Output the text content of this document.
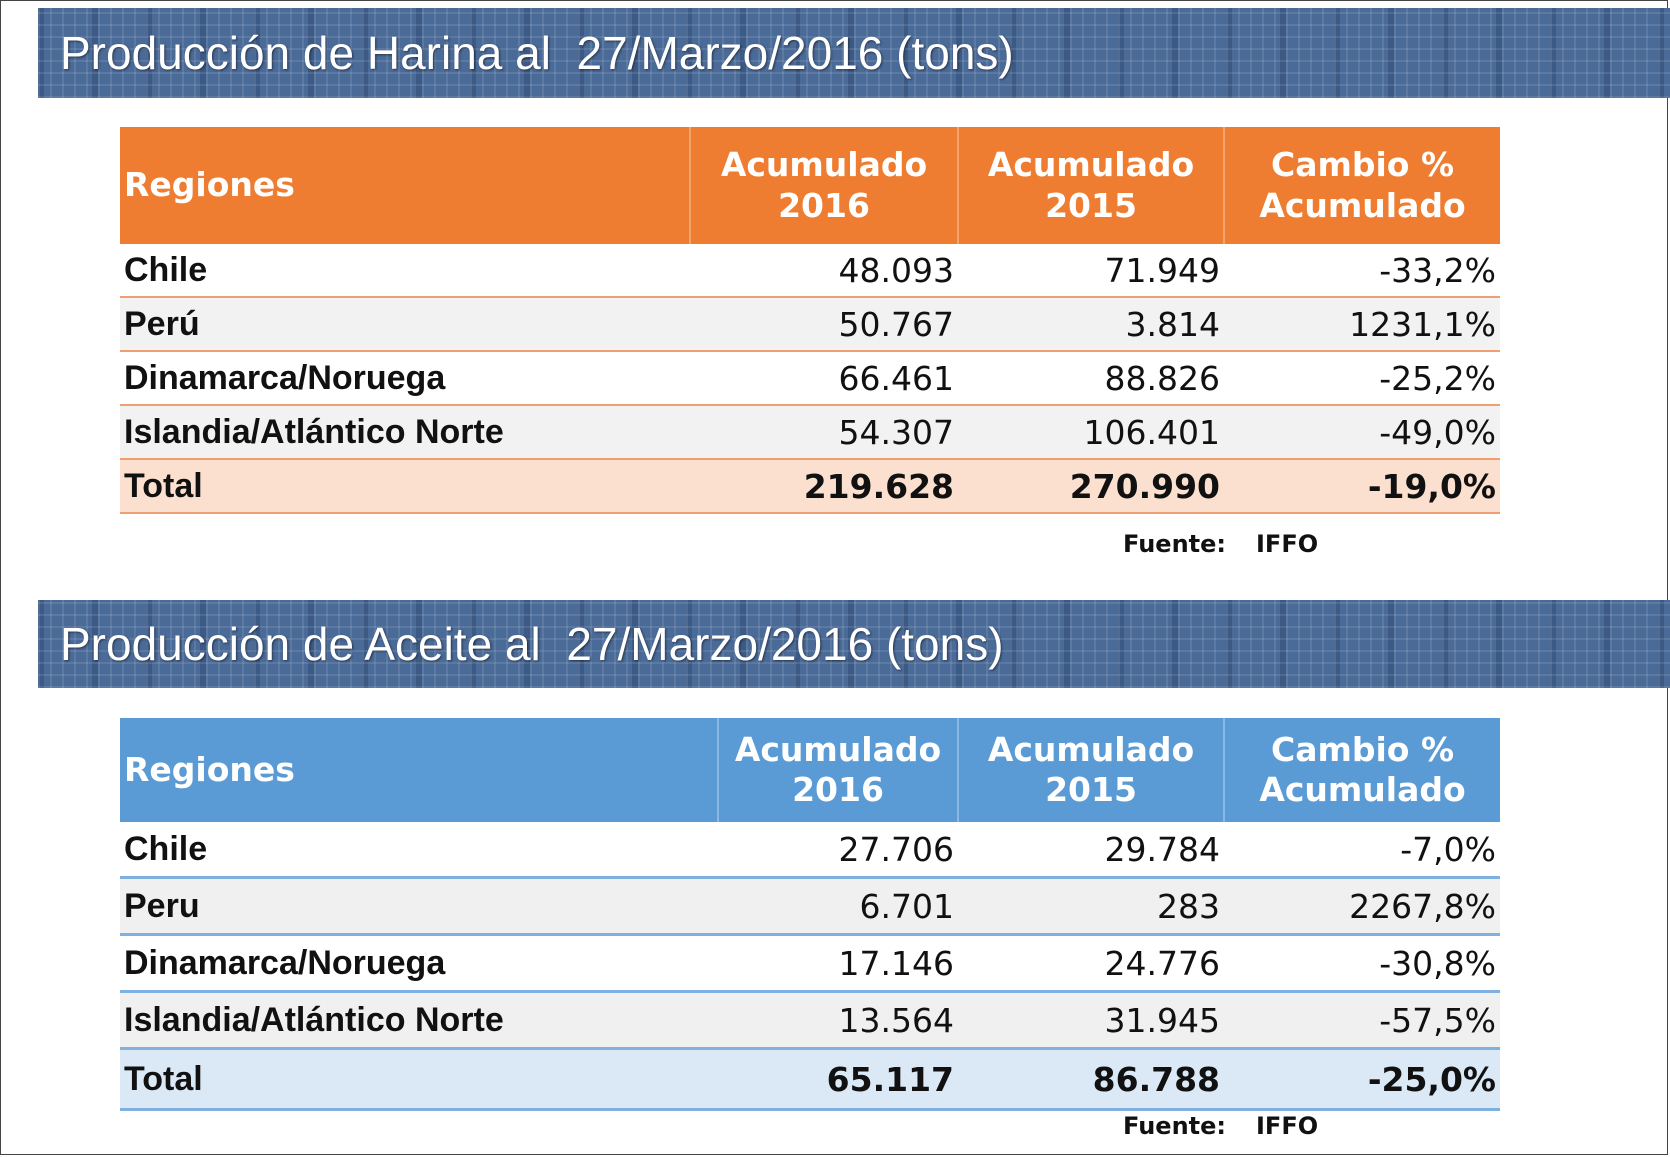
Producción de Harina al  27/Marzo/2016 (tons)
Regiones	Acumulado 2016	Acumulado 2015	Cambio % Acumulado
Chile	48.093	71.949	-33,2%
Perú	50.767	3.814	1231,1%
Dinamarca/Noruega	66.461	88.826	-25,2%
Islandia/Atlántico Norte	54.307	106.401	-49,0%
Total	219.628	270.990	-19,0%
Fuente: IFFO
Producción de Aceite al  27/Marzo/2016 (tons)
Regiones	Acumulado 2016	Acumulado 2015	Cambio % Acumulado
Chile	27.706	29.784	-7,0%
Peru	6.701	283	2267,8%
Dinamarca/Noruega	17.146	24.776	-30,8%
Islandia/Atlántico Norte	13.564	31.945	-57,5%
Total	65.117	86.788	-25,0%
Fuente: IFFO
